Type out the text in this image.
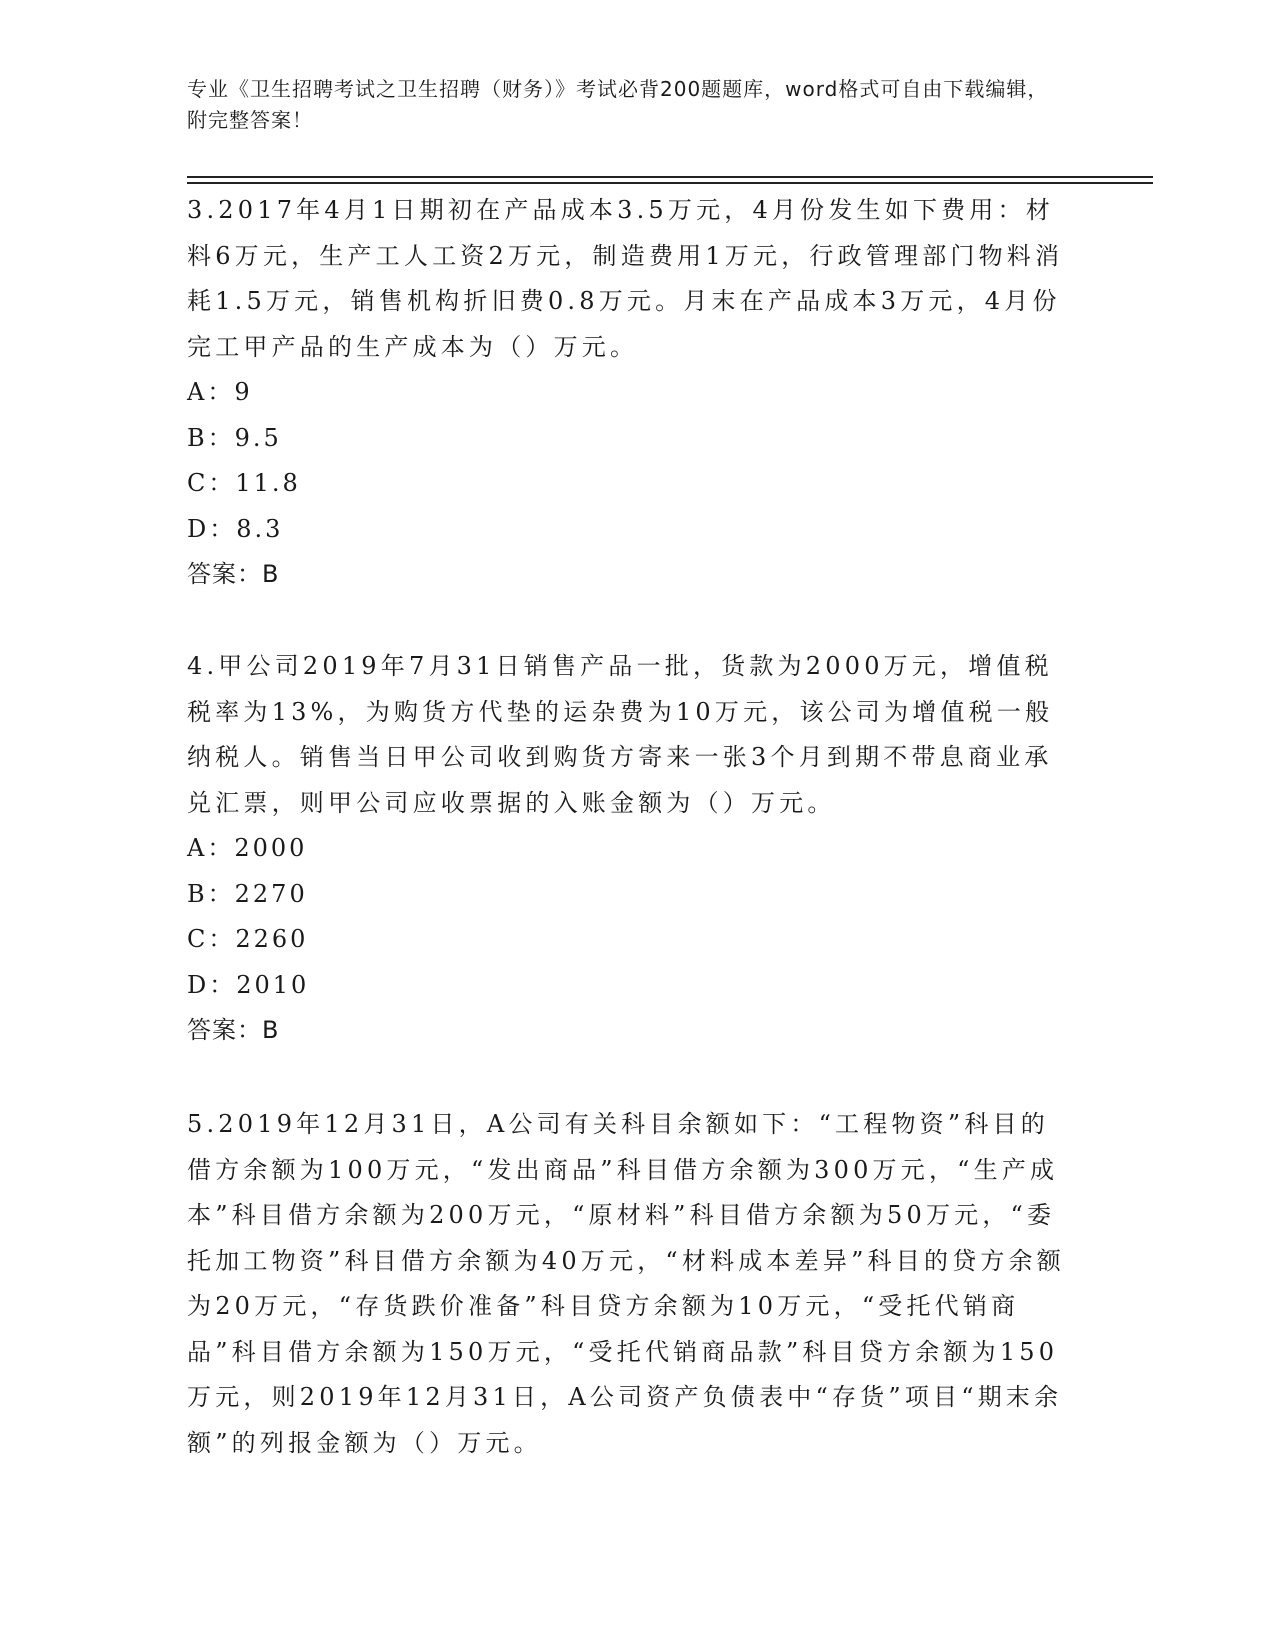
专业《卫生招聘考试之卫生招聘（财务）》考试必背200题题库，word格式可自由下载编辑，附完整答案！

3.2017年4月1日期初在产品成本3.5万元，4月份发生如下费用：材料6万元，生产工人工资2万元，制造费用1万元，行政管理部门物料消耗1.5万元，销售机构折旧费0.8万元。月末在产品成本3万元，4月份完工甲产品的生产成本为（）万元。

A：9

B：9.5

C：11.8

D：8.3

答案：B

4.甲公司2019年7月31日销售产品一批，货款为2000万元，增值税税率为13%，为购货方代垫的运杂费为10万元，该公司为增值税一般纳税人。销售当日甲公司收到购货方寄来一张3个月到期不带息商业承兑汇票，则甲公司应收票据的入账金额为（）万元。

A：2000

B：2270

C：2260

D：2010

答案：B

5.2019年12月31日，A公司有关科目余额如下：“工程物资”科目的借方余额为100万元，“发出商品”科目借方余额为300万元，“生产成本”科目借方余额为200万元，“原材料”科目借方余额为50万元，“委托加工物资”科目借方余额为40万元，“材料成本差异”科目的贷方余额为20万元，“存货跌价准备”科目贷方余额为10万元，“受托代销商品”科目借方余额为150万元，“受托代销商品款”科目贷方余额为150万元，则2019年12月31日，A公司资产负债表中“存货”项目“期末余额”的列报金额为（）万元。
